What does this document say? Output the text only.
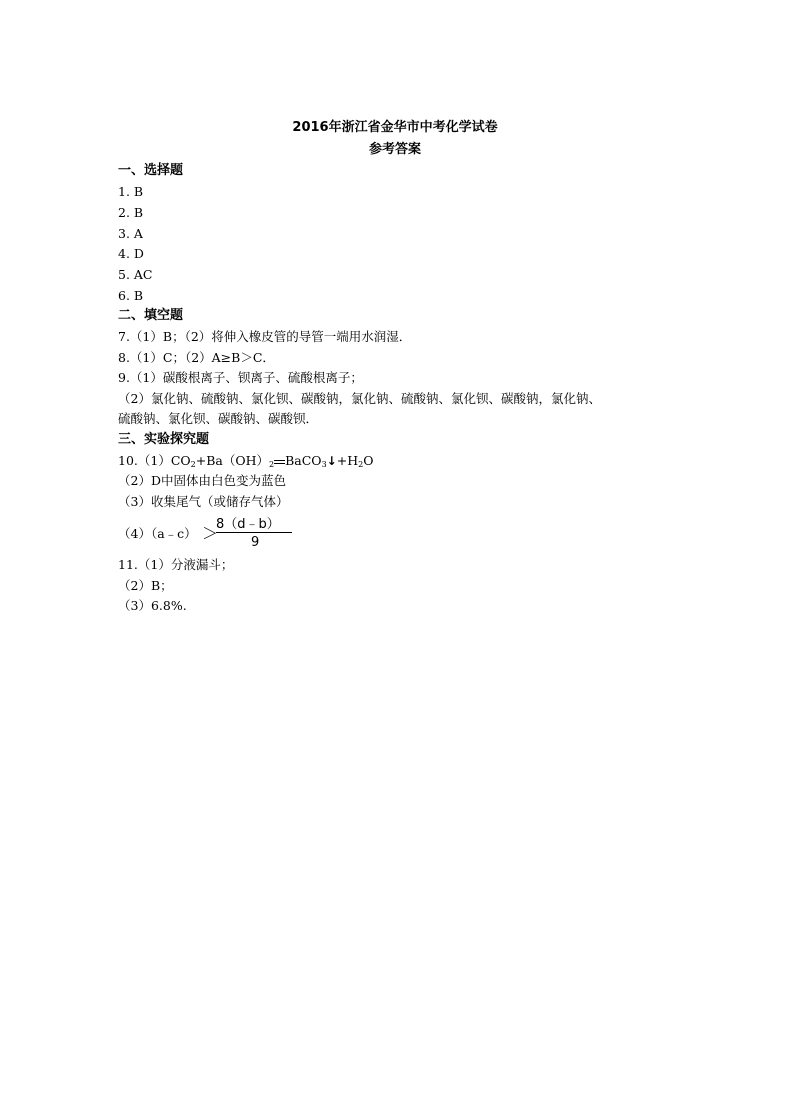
2016年浙江省金华市中考化学试卷
参考答案
一、选择题
1. B
2. B
3. A
4. D
5. AC
6. B
二、填空题
7.（1）B；（2）将伸入橡皮管的导管一端用水润湿．
8.（1）C；（2）A≥B＞C．
9.（1）碳酸根离子、钡离子、硫酸根离子；
（2）氯化钠、硫酸钠、氯化钡、碳酸钠，氯化钠、硫酸钠、氯化钡、碳酸钠，氯化钠、
硫酸钠、氯化钡、碳酸钠、碳酸钡．
三、实验探究题
$10.(1)CO_2+Ba(OH)_2$ $BaCO_3↓+H_2O$
（2）D中固体由白色变为蓝色
（3）收集尾气（或储存气体）
（4）（a﹣c） ＞
8（d﹣b）
9
11.（1）分液漏斗；
（2）B；
（3）6.8%.
